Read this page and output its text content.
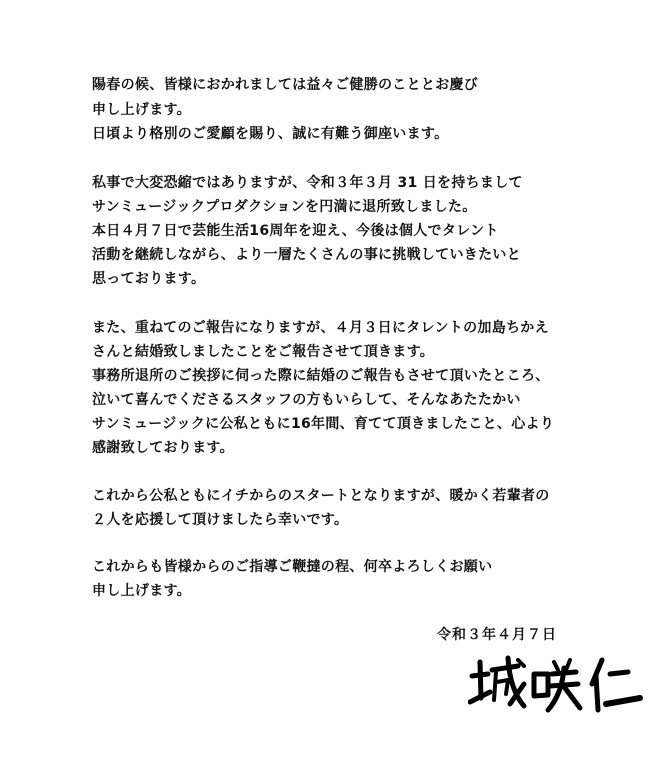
陽春の候、皆様におかれましては益々ご健勝のこととお慶び

申し上げます。

日頃より格別のご愛顧を賜り、誠に有難う御座います。

私事で大変恐縮ではありますが、令和３年３月 31 日を持ちまして

サンミュージックプロダクションを円満に退所致しました。

本日４月７日で芸能生活16周年を迎え、今後は個人でタレント

活動を継続しながら、より一層たくさんの事に挑戦していきたいと

思っております。

また、重ねてのご報告になりますが、４月３日にタレントの加島ちかえ

さんと結婚致しましたことをご報告させて頂きます。

事務所退所のご挨拶に伺った際に結婚のご報告もさせて頂いたところ、

泣いて喜んでくださるスタッフの方もいらして、そんなあたたかい

サンミュージックに公私ともに16年間、育てて頂きましたこと、心より

感謝致しております。

これから公私ともにイチからのスタートとなりますが、暖かく若輩者の

２人を応援して頂けましたら幸いです。

これからも皆様からのご指導ご鞭撻の程、何卒よろしくお願い

申し上げます。

令和３年４月７日
